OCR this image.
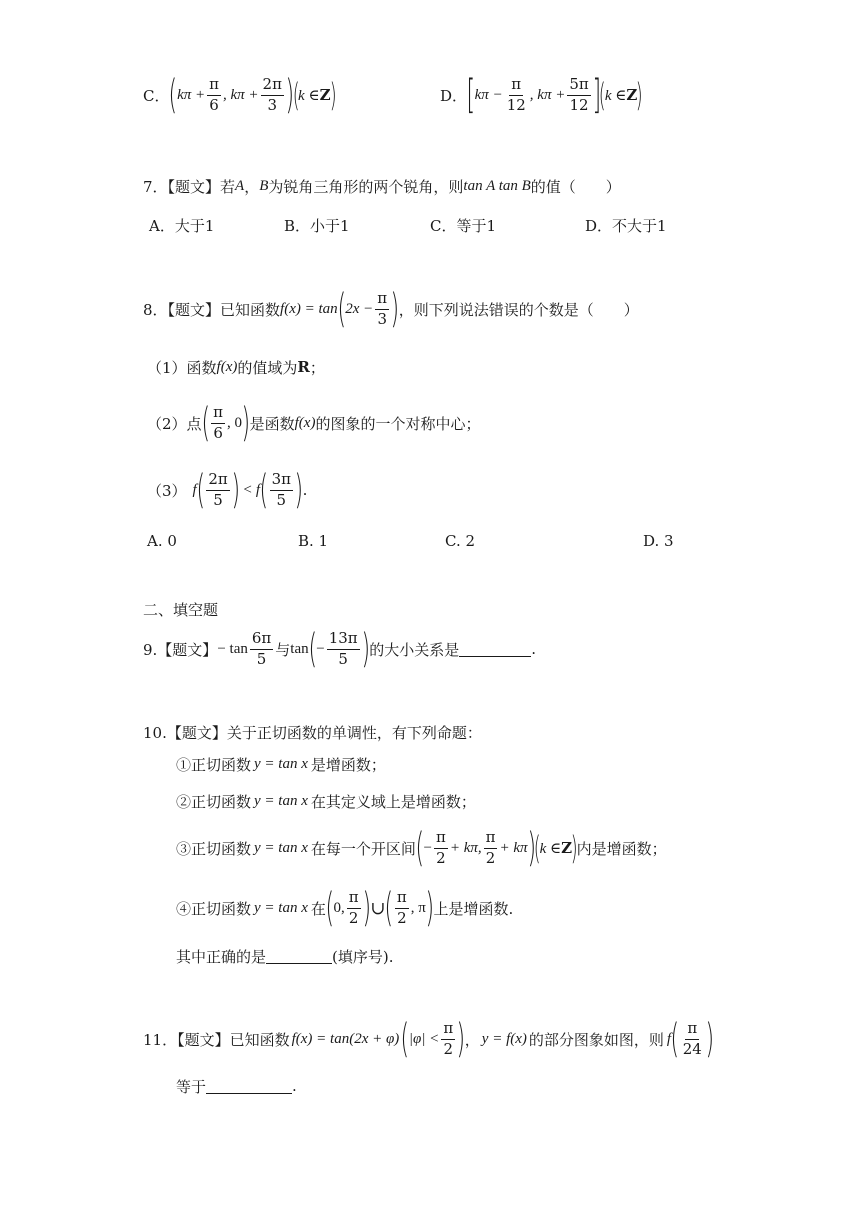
C． ( $k\pi + \frac{\pi}{6}$ , $k\pi + \frac{2\pi}{3}$ )
(
k ∈ Z
)	D． [ $k\pi - \frac{\pi}{12}$ , $k\pi + \frac{5\pi}{12}$ ]
(
k ∈ Z
)
7．【题文】若 A ， B 为锐角三角形的两个锐角，则 tan A tan B 的值（　　）
A．大于1	B．小于1	C．等于1	D．不大于1
8．【题文】已知函数 f(x) = tan ( $2x - \frac{\pi}{3}$ ) ，则下列说法错误的个数是（　　）
（1）函数 f(x) 的值域为 R ；
（2）点 ( $\frac{\pi}{6}$ , 0 ) 是函数 f(x) 的图象的一个对称中心；
（3） f ( $\frac{2\pi}{5}$ ) < f ( $\frac{3\pi}{5}$ ) .
A. 0	B. 1	C. 2	D. 3
二、填空题
9.【题文】 − $\tan \frac{6\pi}{5}$ 与 tan ( − $\frac{13\pi}{5}$ ) 的大小关系是	.
10.【题文】关于正切函数的单调性，有下列命题：
①正切函数 y = tan x 是增函数；
②正切函数 y = tan x 在其定义域上是增函数；
③正切函数 y = tan x 在每一个开区间 ( − $\frac{\pi}{2} + k\pi$, $\frac{\pi}{2} + k\pi$ )
(
k ∈ Z
)
内是增函数；
④正切函数 y = tan x 在 ( 0, $\frac{\pi}{2}$ ) ∪ ( $\frac{\pi}{2}$ , π ) 上是增函数.
其中正确的是	(填序号).
11．【题文】已知函数 f(x) = tan(2x + φ) ( $|\varphi| < \frac{\pi}{2}$ ) ， y = f(x) 的部分图象如图，则 f ( $\frac{\pi}{24}$ )
等于	.
